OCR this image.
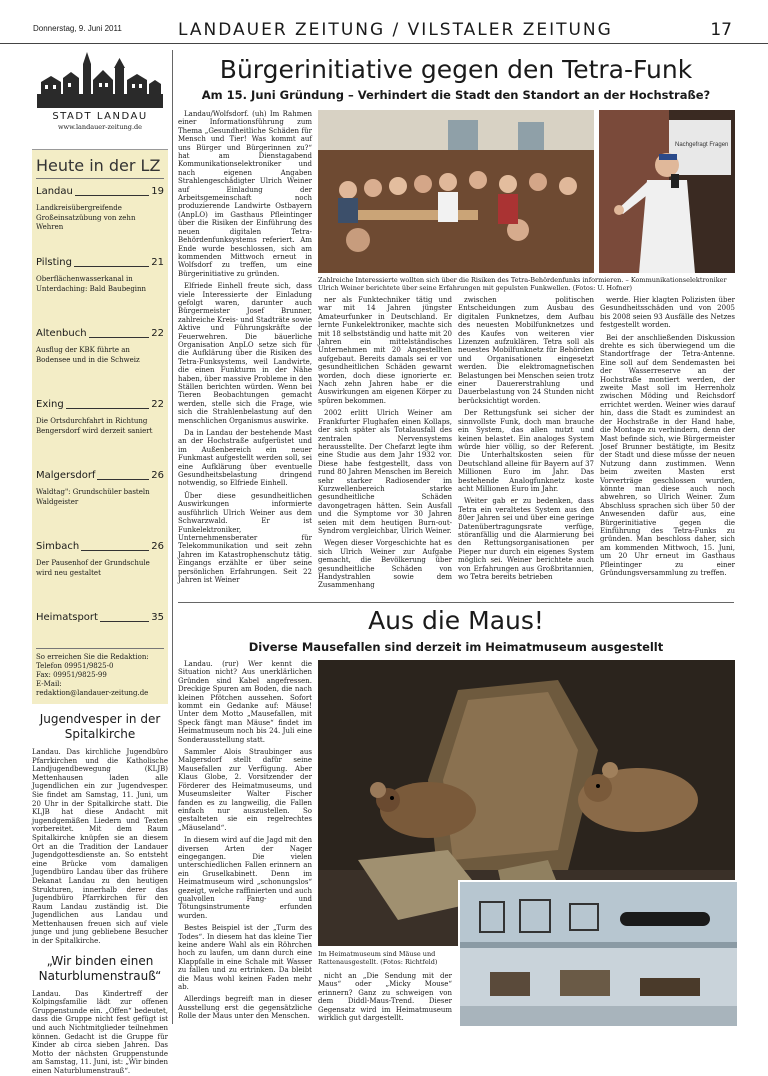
Donnerstag, 9. Juni 2011	LANDAUER ZEITUNG / VILSTALER ZEITUNG	17
STADT LANDAU
www.landauer-zeitung.de
Heute in der LZ
Landau	19
Landkreisübergreifende Großeinsatzübung von zehn Wehren
Pilsting	21
Oberflächenwasserkanal in Unterdaching: Bald Baubeginn
Altenbuch	22
Ausflug der KBK führte an Bodensee und in die Schweiz
Exing	22
Die Ortsdurchfahrt in Richtung Bengersdorf wird derzeit saniert
Malgersdorf	26
Waldtag": Grundschüler basteln Waldgeister
Simbach	26
Der Pausenhof der Grundschule wird neu gestaltet
Heimatsport	35
So erreichen Sie die Redaktion:
Telefon 09951/9825-0
Fax: 09951/9825-99
E-Mail:
redaktion@landauer-zeitung.de
Jugendvesper in der Spitalkirche

Landau. Das kirchliche Jugendbüro Pfarrkirchen und die Katholische Landjugendbewegung (KLJB) Mettenhausen laden alle Jugendlichen ein zur Jugendvesper. Sie findet am Samstag, 11. Juni, um 20 Uhr in der Spitalkirche statt. Die KLJB hat diese Andacht mit jugendgemäßen Liedern und Texten vorbereitet. Mit dem Raum Spitalkirche knüpfen sie an diesem Ort an die Tradition der Landauer Jugendgottesdienste an. So entsteht eine Brücke vom damaligen Jugendbüro Landau über das frühere Dekanat Landau zu den heutigen Strukturen, innerhalb derer das Jugendbüro Pfarrkirchen für den Raum Landau zuständig ist. Die Jugendlichen aus Landau und Mettenhausen freuen sich auf viele junge und jung gebliebene Besucher in der Spitalkirche.

„Wir binden einen Naturblumenstrauß“

Landau. Das Kindertreff der Kolpingsfamilie lädt zur offenen Gruppenstunde ein. „Offen“ bedeutet, dass die Gruppe nicht fest gefügt ist und auch Nichtmitglieder teilnehmen können. Gedacht ist die Gruppe für Kinder ab circa sieben Jahren. Das Motto der nächsten Gruppenstunde am Samstag, 11. Juni, ist: „Wir binden einen Naturblumenstrauß“.

Bürgerinitiative gegen den Tetra-Funk
Am 15. Juni Gründung – Verhindert die Stadt den Standort an der Hochstraße?

Landau/Wolfsdorf. (uh) Im Rahmen einer Informationsführung zum Thema „Gesundheitliche Schäden für Mensch und Tier! Was kommt auf uns Bürger und Bürgerinnen zu?“ hat am Dienstagabend Kommunikationselektroniker und nach eigenen Angaben Strahlengeschädigter Ulrich Weiner auf Einladung der Arbeitsgemeinschaft noch produzierende Landwirte Ostbayern (AnpLO) im Gasthaus Pfleintinger über die Risiken der Einführung des neuen digitalen Tetra-Behördenfunksystems referiert. Am Ende wurde beschlossen, sich am kommenden Mittwoch erneut in Wolfsdorf zu treffen, um eine Bürgerinitiative zu gründen.

Elfriede Einhell freute sich, dass viele Interessierte der Einladung gefolgt waren, darunter auch Bürgermeister Josef Brunner, zahlreiche Kreis- und Stadträte sowie Aktive und Führungskräfte der Feuerwehren. Die bäuerliche Organisation AnpLO setze sich für die Aufklärung über die Risiken des Tetra-Funksystems, weil Landwirte, die einen Funkturm in der Nähe haben, über massive Probleme in den Ställen berichten würden. Wenn bei Tieren Beobachtungen gemacht werden, stelle sich die Frage, wie sich die Strahlenbelastung auf den menschlichen Organismus auswirke.

Da in Landau der bestehende Mast an der Hochstraße aufgerüstet und im Außenbereich ein neuer Funkmast aufgestellt werden soll, sei eine Aufklärung über eventuelle Gesundheitsbelastung dringend notwendig, so Elfriede Einhell.

Über diese gesundheitlichen Auswirkungen informierte ausführlich Ulrich Weiner aus dem Schwarzwald. Er ist Funkelektroniker, Unternehmensberater für Telekommunikation und seit zehn Jahren im Katastrophenschutz tätig. Eingangs erzählte er über seine persönlichen Erfahrungen. Seit 22 Jahren ist Weiner

Nachgefragt Fragen
Zahlreiche Interessierte wollten sich über die Risiken des Tetra-Behördenfunks informieren. – Kommunikationselektroniker Ulrich Weiner berichtete über seine Erfahrungen mit gepulsten Funkwellen. (Fotos: U. Hofner)

ner als Funktechniker tätig und war mit 14 Jahren jüngster Amateurfunker in Deutschland. Er lernte Funkelektroniker, machte sich mit 18 selbstständig und hatte mit 20 Jahren ein mittelständisches Unternehmen mit 20 Angestellten aufgebaut. Bereits damals sei er vor gesundheitlichen Schäden gewarnt worden, doch diese ignorierte er. Nach zehn Jahren habe er die Auswirkungen am eigenen Körper zu spüren bekommen.

2002 erlitt Ulrich Weiner am Frankfurter Flughafen einen Kollaps, der sich später als Totalausfall des zentralen Nervensystems herausstellte. Der Chefarzt legte ihm eine Studie aus dem Jahr 1932 vor. Diese habe festgestellt, dass von rund 80 Jahren Menschen im Bereich sehr starker Radiosender im Kurzwellenbereich starke gesundheitliche Schäden davongetragen hätten. Sein Ausfall und die Symptome vor 30 Jahren seien mit dem heutigen Burn-out-Syndrom vergleichbar, Ulrich Weiner.

Wegen dieser Vorgeschichte hat es sich Ulrich Weiner zur Aufgabe gemacht, die Bevölkerung über gesundheitliche Schäden von Handystrahlen sowie dem Zusammenhang

zwischen politischen Entscheidungen zum Ausbau des digitalen Funknetzes, dem Aufbau des neuesten Mobilfunknetzes und des Kaufes von weiteren vier Lizenzen aufzuklären. Tetra soll als neuestes Mobilfunknetz für Behörden und Organisationen eingesetzt werden. Die elektromagnetischen Belastungen bei Menschen seien trotz einer Dauererstrahlung und Dauerbelastung von 24 Stunden nicht berücksichtigt worden.

Der Rettungsfunk sei sicher der sinnvollste Funk, doch man brauche ein System, das allen nutzt und keinen belastet. Ein analoges System würde hier völlig, so der Referent. Die Unterhaltskosten seien für Deutschland alleine für Bayern auf 37 Millionen Euro im Jahr. Das bestehende Analogfunknetz koste acht Millionen Euro im Jahr.

Weiter gab er zu bedenken, dass Tetra ein veraltetes System aus den 80er Jahren sei und über eine geringe Datenübertragungsrate verfüge, störanfällig und die Alarmierung bei den Rettungsorganisationen per Pieper nur durch ein eigenes System möglich sei. Weiner berichtete auch von Erfahrungen aus Großbritannien, wo Tetra bereits betrieben

werde. Hier klagten Polizisten über Gesundheitsschäden und von 2005 bis 2008 seien 93 Ausfälle des Netzes festgestellt worden.

Bei der anschließenden Diskussion drehte es sich überwiegend um die Standortfrage der Tetra-Antenne. Eine soll auf dem Sendemasten bei der Wasserreserve an der Hochstraße montiert werden, der zweite Mast soll im Herrenholz zwischen Möding und Reichsdorf errichtet werden. Weiner wies darauf hin, dass die Stadt es zumindest an der Hochstraße in der Hand habe, die Montage zu verhindern, denn der Mast befinde sich, wie Bürgermeister Josef Brunner bestätigte, im Besitz der Stadt und diese müsse der neuen Nutzung dann zustimmen. Wenn beim zweiten Masten erst Vorverträge geschlossen wurden, könnte man diese auch noch abwehren, so Ulrich Weiner. Zum Abschluss sprachen sich über 50 der Anwesenden dafür aus, eine Bürgerinitiative gegen die Einführung des Tetra-Funks zu gründen. Man beschloss daher, sich am kommenden Mittwoch, 15. Juni, um 20 Uhr erneut im Gasthaus Pfleintinger zu einer Gründungsversammlung zu treffen.

Aus die Maus!
Diverse Mausefallen sind derzeit im Heimatmuseum ausgestellt

Landau. (rur) Wer kennt die Situation nicht? Aus unerklärlichen Gründen sind Kabel angefressen. Dreckige Spuren am Boden, die nach kleinen Pfötchen aussehen. Sofort kommt ein Gedanke auf: Mäuse! Unter dem Motto „Mausefallen, mit Speck fängt man Mäuse“ findet im Heimatmuseum noch bis 24. Juli eine Sonderausstellung statt.

Sammler Alois Straubinger aus Malgersdorf stellt dafür seine Mausefallen zur Verfügung. Aber Klaus Globe, 2. Vorsitzender der Förderer des Heimatmuseums, und Museumsleiter Walter Fischer fanden es zu langweilig, die Fallen einfach nur auszustellen. So gestalteten sie ein regelrechtes „Mäuseland“.

In diesem wird auf die Jagd mit den diversen Arten der Nager eingegangen. Die vielen unterschiedlichen Fallen erinnern an ein Gruselkabinett. Denn im Heimatmuseum wird „schonungslos“ gezeigt, welche raffinierten und auch qualvollen Fang- und Tötungsinstrumente erfunden wurden.

Bestes Beispiel ist der „Turm des Todes“. In diesem hat das kleine Tier keine andere Wahl als ein Röhrchen hoch zu laufen, um dann durch eine Klappfalle in eine Schale mit Wasser zu fallen und zu ertrinken. Da bleibt die Maus wohl keinen Faden mehr ab.

Allerdings begreift man in dieser Ausstellung erst die gegensätzliche Rolle der Maus unter den Menschen.

Im Heimatmuseum sind Mäuse und Rattenausgestellt. (Fotos: Richtfeld)

nicht an „Die Sendung mit der Maus“ oder „Micky Mouse“ erinnern? Ganz zu schweigen von dem Diddl-Maus-Trend. Dieser Gegensatz wird im Heimatmuseum wirklich gut dargestellt.
